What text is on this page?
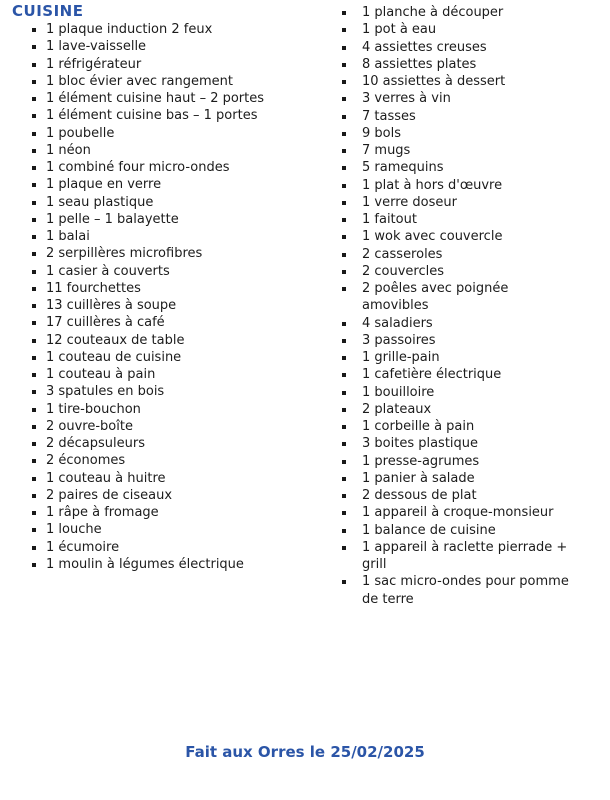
CUISINE
1 plaque induction 2 feux
1 lave-vaisselle
1 réfrigérateur
1 bloc évier avec rangement
1 élément cuisine haut – 2 portes
1 élément cuisine bas – 1 portes
1 poubelle
1 néon
1 combiné four micro-ondes
1 plaque en verre
1 seau plastique
1 pelle – 1 balayette
1 balai
2 serpillères microfibres
1 casier à couverts
11 fourchettes
13 cuillères à soupe
17 cuillères à café
12 couteaux de table
1 couteau de cuisine
1 couteau à pain
3 spatules en bois
1 tire-bouchon
2 ouvre-boîte
2 décapsuleurs
2 économes
1 couteau à huitre
2 paires de ciseaux
1 râpe à fromage
1 louche
1 écumoire
1 moulin à légumes électrique
1 planche à découper
1 pot à eau
4 assiettes creuses
8 assiettes plates
10 assiettes à dessert
3 verres à vin
7 tasses
9 bols
7 mugs
5 ramequins
1 plat à hors d'œuvre
1 verre doseur
1 faitout
1 wok avec couvercle
2 casseroles
2 couvercles
2 poêles avec poignée amovibles
4 saladiers
3 passoires
1 grille-pain
1 cafetière électrique
1 bouilloire
2 plateaux
1 corbeille à pain
3 boites plastique
1 presse-agrumes
1 panier à salade
2 dessous de plat
1 appareil à croque-monsieur
1 balance de cuisine
1 appareil à raclette pierrade + grill
1 sac micro-ondes pour pomme de terre
Fait aux Orres le 25/02/2025
